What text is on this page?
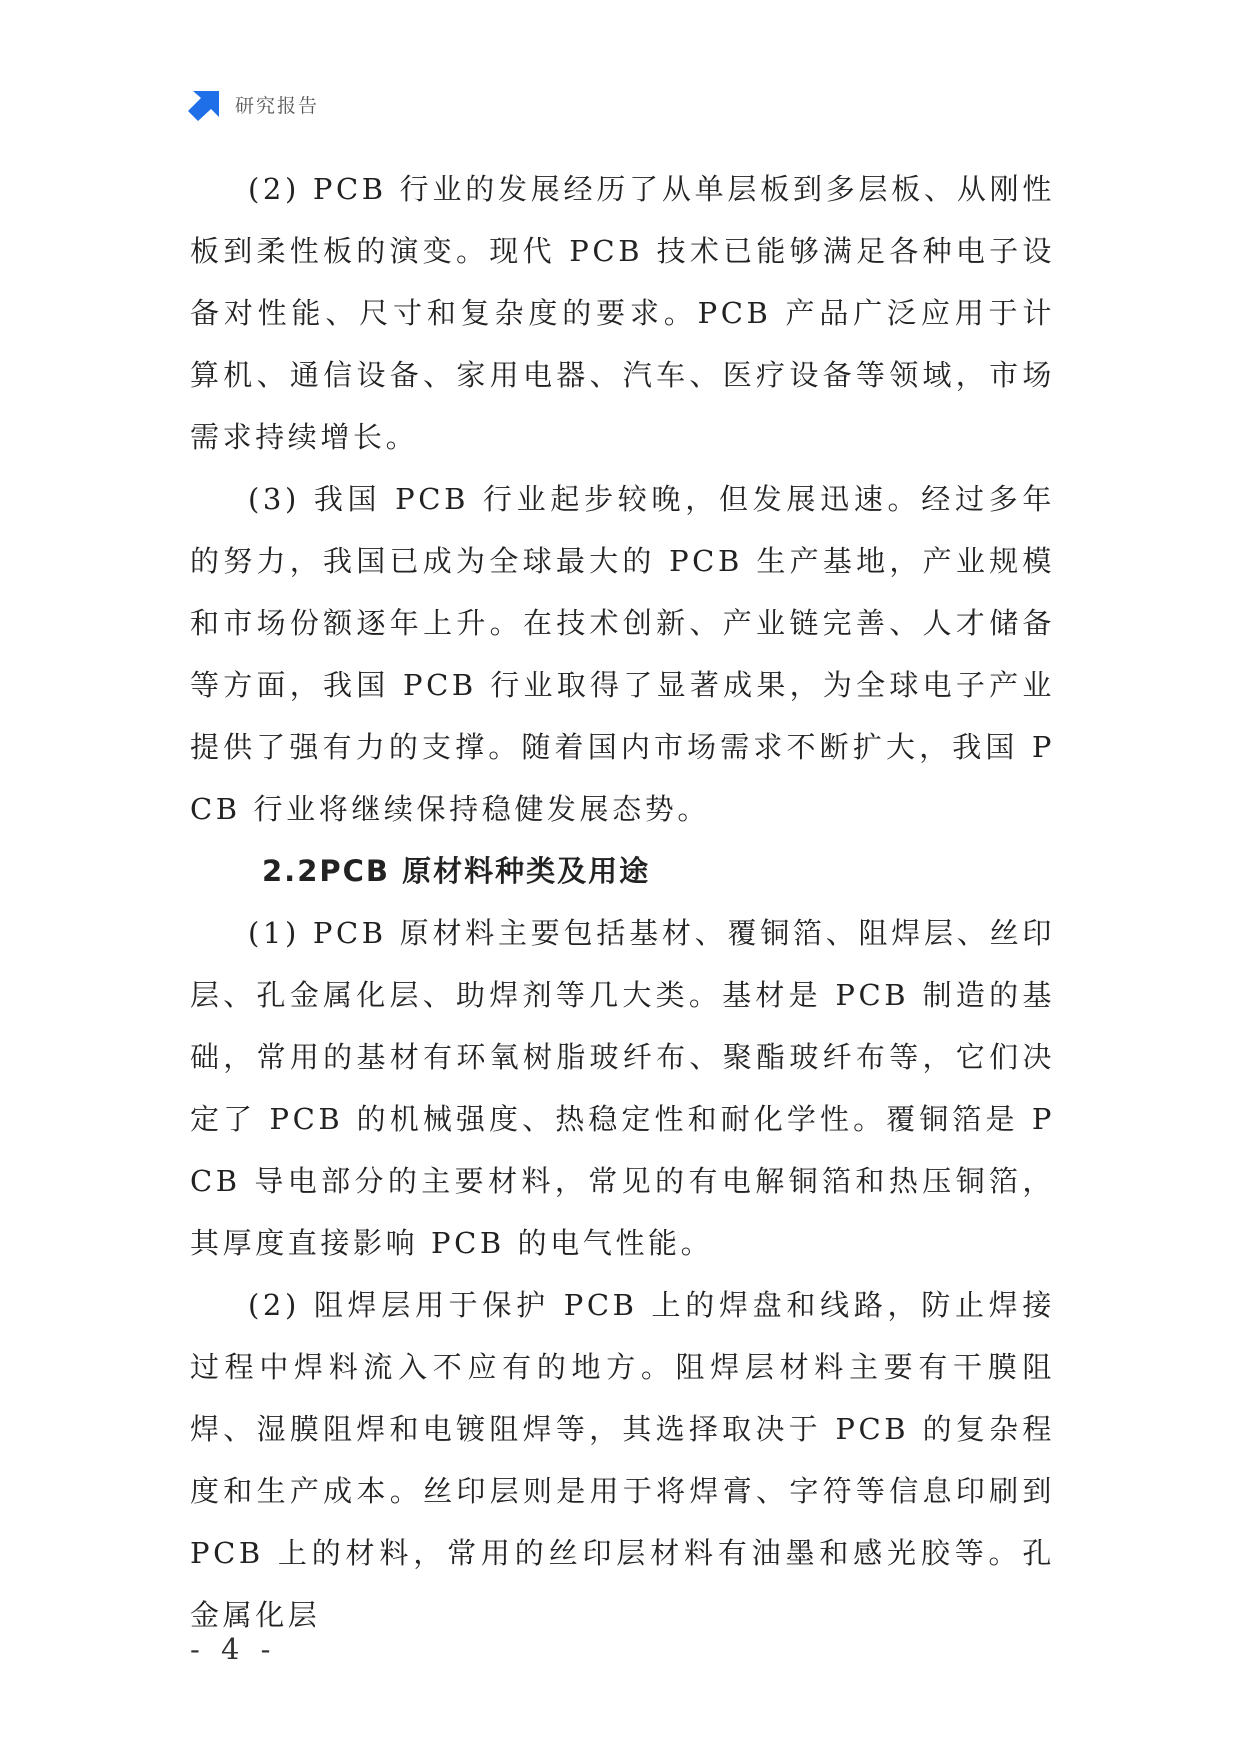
研究报告

(2) PCB 行业的发展经历了从单层板到多层板、从刚性板到柔性板的演变。现代 PCB 技术已能够满足各种电子设备对性能、尺寸和复杂度的要求。PCB 产品广泛应用于计算机、通信设备、家用电器、汽车、医疗设备等领域，市场需求持续增长。

(3) 我国 PCB 行业起步较晚，但发展迅速。经过多年的努力，我国已成为全球最大的 PCB 生产基地，产业规模和市场份额逐年上升。在技术创新、产业链完善、人才储备等方面，我国 PCB 行业取得了显著成果，为全球电子产业提供了强有力的支撑。随着国内市场需求不断扩大，我国 PCB 行业将继续保持稳健发展态势。

2.2PCB 原材料种类及用途

(1) PCB 原材料主要包括基材、覆铜箔、阻焊层、丝印层、孔金属化层、助焊剂等几大类。基材是 PCB 制造的基础，常用的基材有环氧树脂玻纤布、聚酯玻纤布等，它们决定了 PCB 的机械强度、热稳定性和耐化学性。覆铜箔是 PCB 导电部分的主要材料，常见的有电解铜箔和热压铜箔，其厚度直接影响 PCB 的电气性能。

(2) 阻焊层用于保护 PCB 上的焊盘和线路，防止焊接过程中焊料流入不应有的地方。阻焊层材料主要有干膜阻焊、湿膜阻焊和电镀阻焊等，其选择取决于 PCB 的复杂程度和生产成本。丝印层则是用于将焊膏、字符等信息印刷到 PCB 上的材料，常用的丝印层材料有油墨和感光胶等。孔金属化层

- 4 -
